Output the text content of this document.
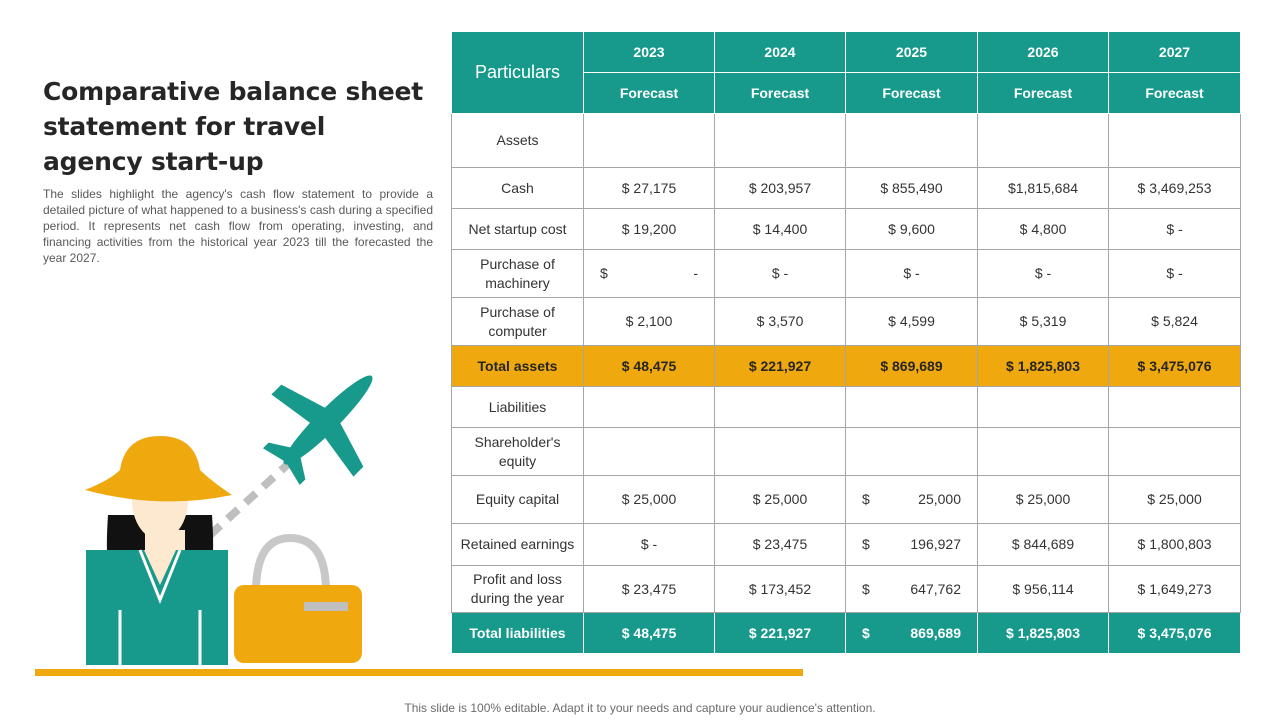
Comparative balance sheet statement for travel agency start-up
The slides highlight the agency's cash flow statement to provide a detailed picture of what happened to a business's cash during a specified period. It represents net cash flow from operating, investing, and financing activities from the historical year 2023 till the forecasted the year 2027.
Particulars	2023	2024	2025	2026	2027
	Forecast	Forecast	Forecast	Forecast	Forecast
Assets					
Cash	$ 27,175	$ 203,957	$ 855,490	$1,815,684	$ 3,469,253
Net startup cost	$ 19,200	$ 14,400	$ 9,600	$ 4,800	$ -
Purchase of machinery	$ -	$ -	$ -	$ -	$ -
Purchase of computer	$ 2,100	$ 3,570	$ 4,599	$ 5,319	$ 5,824
Total assets	$ 48,475	$ 221,927	$ 869,689	$ 1,825,803	$ 3,475,076
Liabilities					
Shareholder's equity					
Equity capital	$ 25,000	$ 25,000	$ 25,000	$ 25,000	$ 25,000
Retained earnings	$ -	$ 23,475	$ 196,927	$ 844,689	$ 1,800,803
Profit and loss during the year	$ 23,475	$ 173,452	$ 647,762	$ 956,114	$ 1,649,273
Total liabilities	$ 48,475	$ 221,927	$ 869,689	$ 1,825,803	$ 3,475,076
This slide is 100% editable. Adapt it to your needs and capture your audience's attention.
